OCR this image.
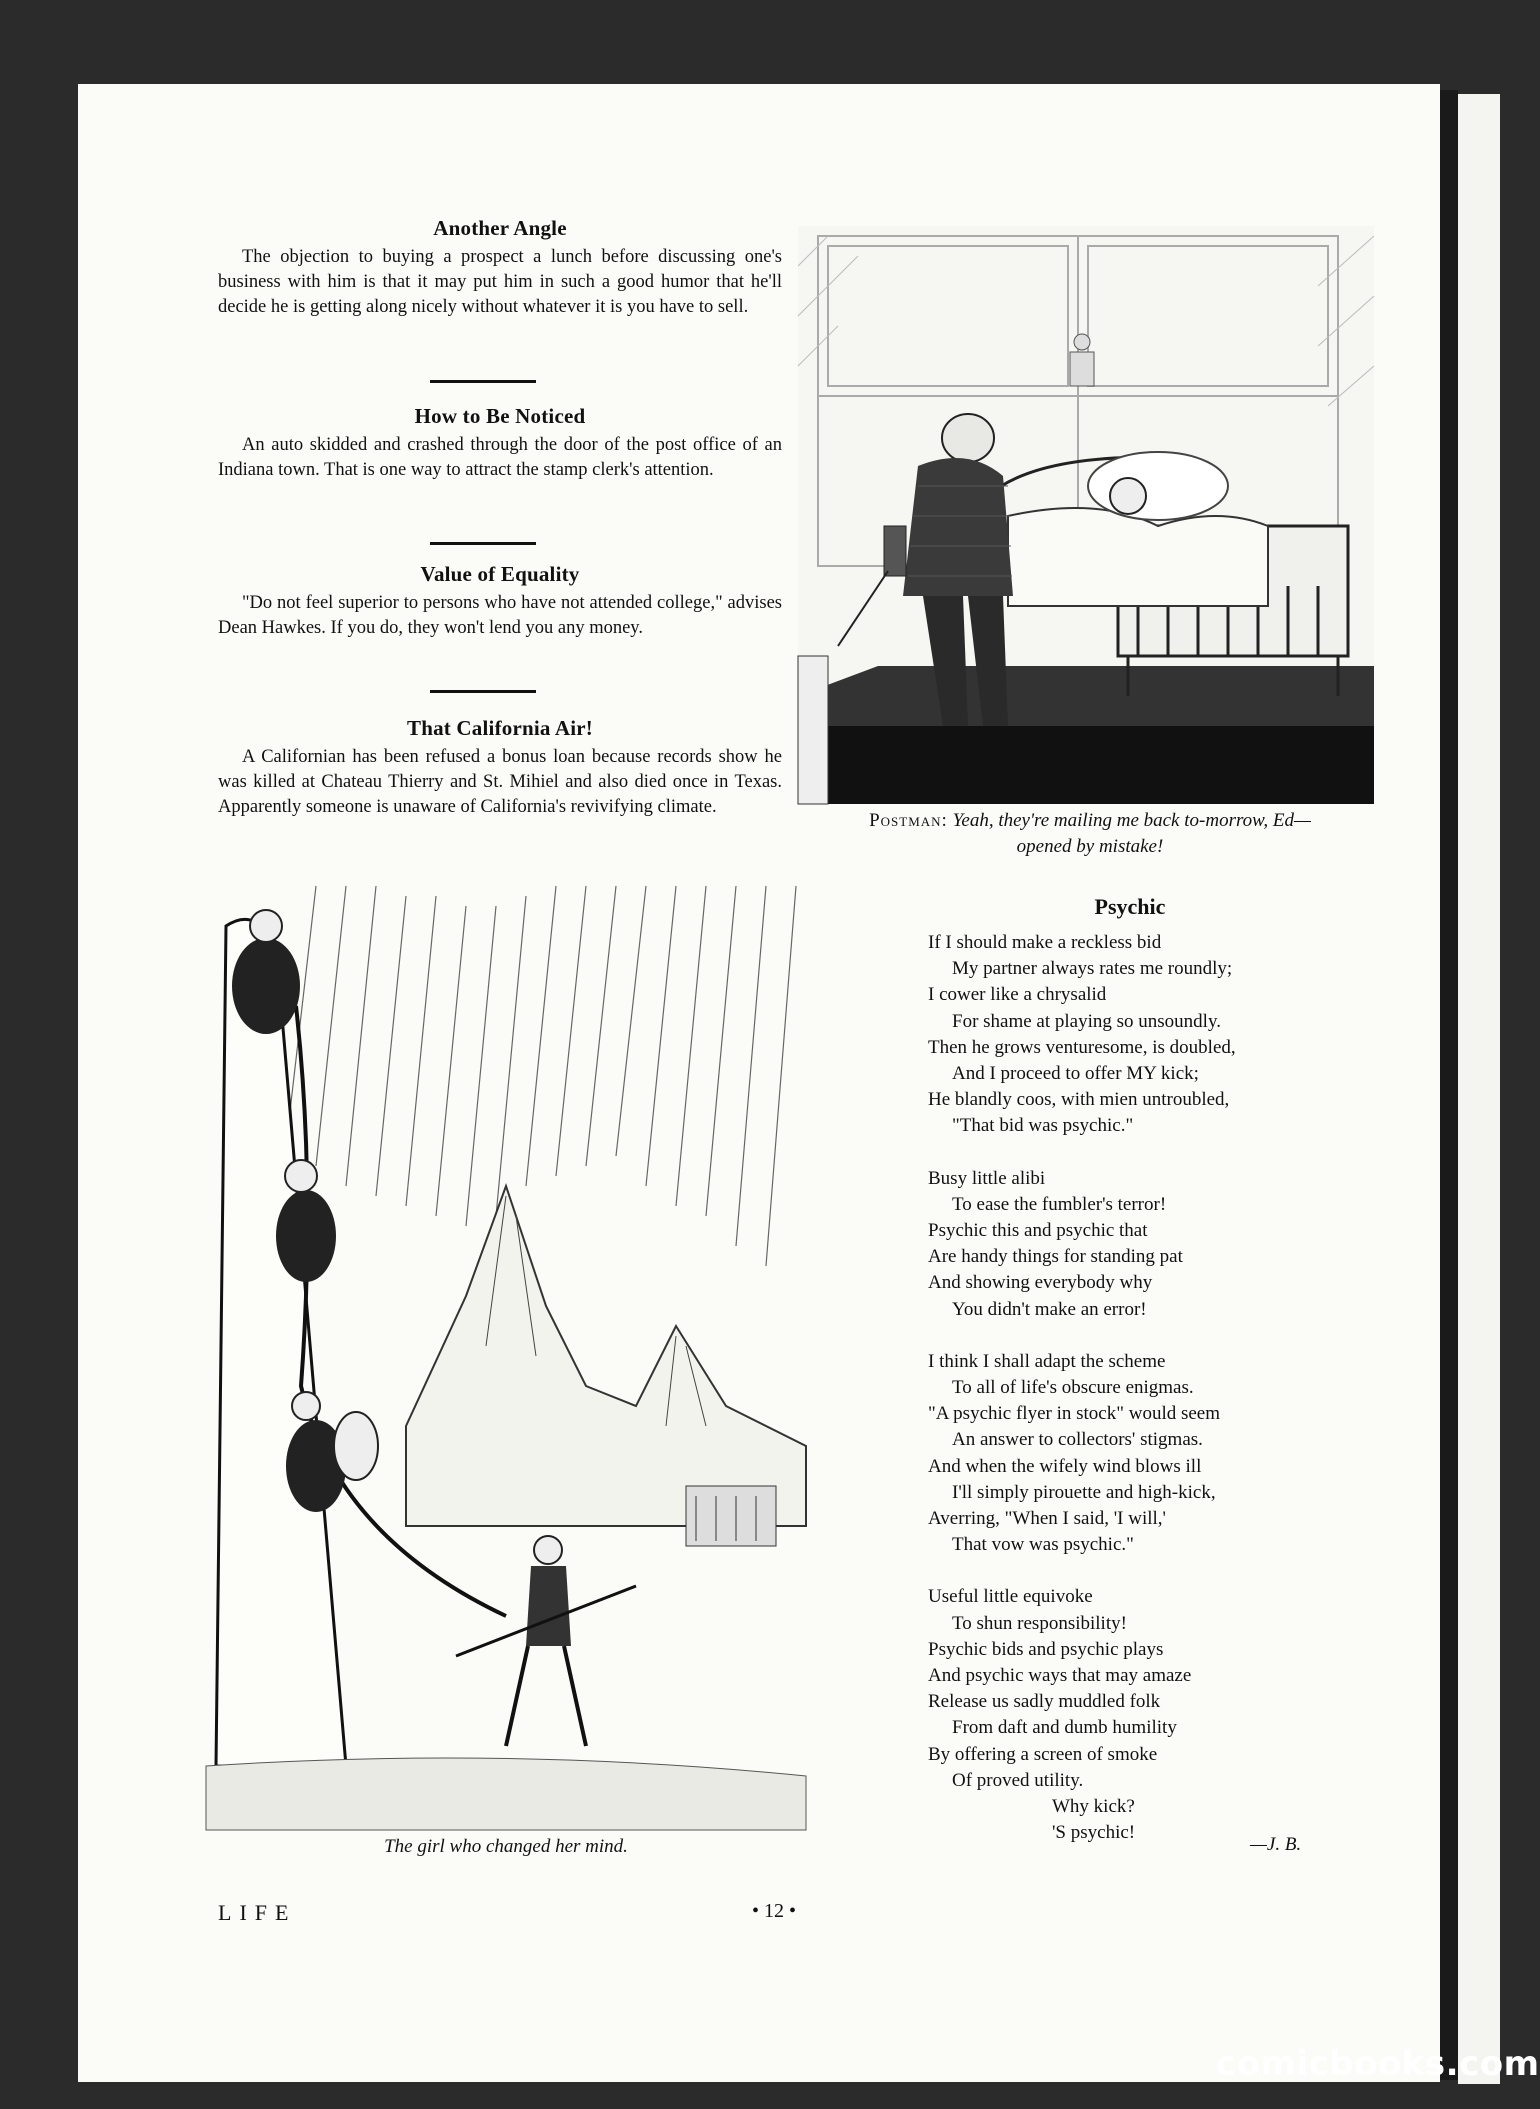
Another Angle

The objection to buying a prospect a lunch before discussing one's business with him is that it may put him in such a good humor that he'll decide he is getting along nicely without whatever it is you have to sell.

How to Be Noticed

An auto skidded and crashed through the door of the post office of an Indiana town. That is one way to attract the stamp clerk's attention.

Value of Equality

"Do not feel superior to persons who have not attended college," advises Dean Hawkes. If you do, they won't lend you any money.

That California Air!

A Californian has been refused a bonus loan because records show he was killed at Chateau Thierry and St. Mihiel and also died once in Texas. Apparently someone is unaware of California's revivifying climate.

Postman: Yeah, they're mailing me back to-morrow, Ed—opened by mistake!
The girl who changed her mind.
Psychic
If I should make a reckless bid
My partner always rates me roundly;
I cower like a chrysalid
For shame at playing so unsoundly.
Then he grows venturesome, is doubled,
And I proceed to offer MY kick;
He blandly coos, with mien untroubled,
"That bid was psychic."
Busy little alibi
To ease the fumbler's terror!
Psychic this and psychic that
Are handy things for standing pat
And showing everybody why
You didn't make an error!
I think I shall adapt the scheme
To all of life's obscure enigmas.
"A psychic flyer in stock" would seem
An answer to collectors' stigmas.
And when the wifely wind blows ill
I'll simply pirouette and high-kick,
Averring, "When I said, 'I will,'
That vow was psychic."
Useful little equivoke
To shun responsibility!
Psychic bids and psychic plays
And psychic ways that may amaze
Release us sadly muddled folk
From daft and dumb humility
By offering a screen of smoke
Of proved utility.
Why kick?
'S psychic!
—J. B.
LIFE	• 12 •
comicbooks.com
